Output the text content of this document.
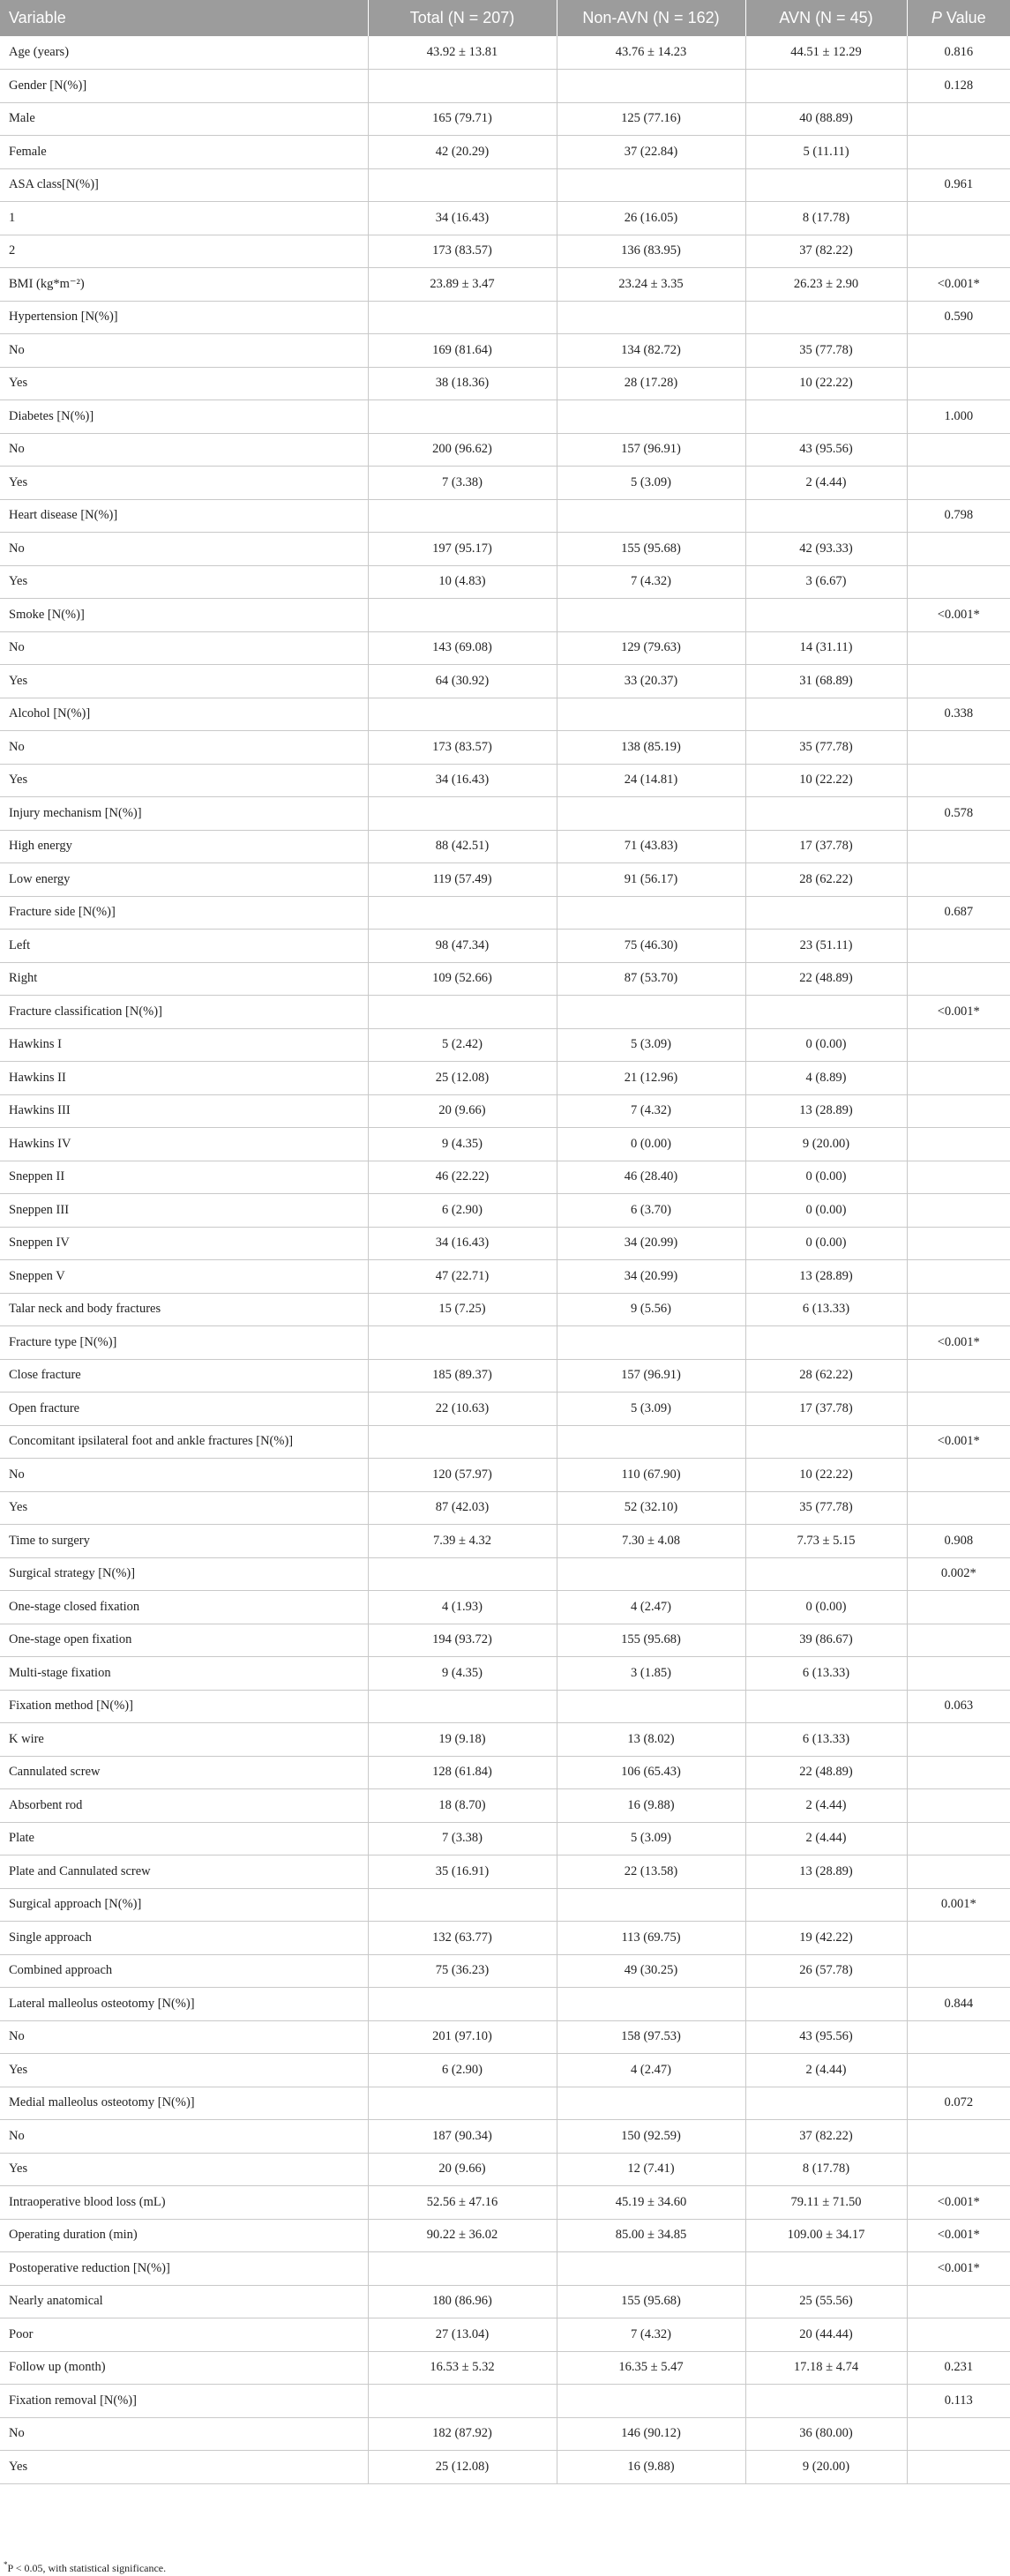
Variable	Total (N = 207)	Non-AVN (N = 162)	AVN (N = 45)	P Value
Age (years)	43.92 ± 13.81	43.76 ± 14.23	44.51 ± 12.29	0.816
Gender [N(%)]				0.128
Male	165 (79.71)	125 (77.16)	40 (88.89)	
Female	42 (20.29)	37 (22.84)	5 (11.11)	
ASA class[N(%)]				0.961
1	34 (16.43)	26 (16.05)	8 (17.78)	
2	173 (83.57)	136 (83.95)	37 (82.22)	
BMI (kg*m⁻²)	23.89 ± 3.47	23.24 ± 3.35	26.23 ± 2.90	<0.001*
Hypertension [N(%)]				0.590
No	169 (81.64)	134 (82.72)	35 (77.78)	
Yes	38 (18.36)	28 (17.28)	10 (22.22)	
Diabetes [N(%)]				1.000
No	200 (96.62)	157 (96.91)	43 (95.56)	
Yes	7 (3.38)	5 (3.09)	2 (4.44)	
Heart disease [N(%)]				0.798
No	197 (95.17)	155 (95.68)	42 (93.33)	
Yes	10 (4.83)	7 (4.32)	3 (6.67)	
Smoke [N(%)]				<0.001*
No	143 (69.08)	129 (79.63)	14 (31.11)	
Yes	64 (30.92)	33 (20.37)	31 (68.89)	
Alcohol [N(%)]				0.338
No	173 (83.57)	138 (85.19)	35 (77.78)	
Yes	34 (16.43)	24 (14.81)	10 (22.22)	
Injury mechanism [N(%)]				0.578
High energy	88 (42.51)	71 (43.83)	17 (37.78)	
Low energy	119 (57.49)	91 (56.17)	28 (62.22)	
Fracture side [N(%)]				0.687
Left	98 (47.34)	75 (46.30)	23 (51.11)	
Right	109 (52.66)	87 (53.70)	22 (48.89)	
Fracture classification [N(%)]				<0.001*
Hawkins I	5 (2.42)	5 (3.09)	0 (0.00)	
Hawkins II	25 (12.08)	21 (12.96)	4 (8.89)	
Hawkins III	20 (9.66)	7 (4.32)	13 (28.89)	
Hawkins IV	9 (4.35)	0 (0.00)	9 (20.00)	
Sneppen II	46 (22.22)	46 (28.40)	0 (0.00)	
Sneppen III	6 (2.90)	6 (3.70)	0 (0.00)	
Sneppen IV	34 (16.43)	34 (20.99)	0 (0.00)	
Sneppen V	47 (22.71)	34 (20.99)	13 (28.89)	
Talar neck and body fractures	15 (7.25)	9 (5.56)	6 (13.33)	
Fracture type [N(%)]				<0.001*
Close fracture	185 (89.37)	157 (96.91)	28 (62.22)	
Open fracture	22 (10.63)	5 (3.09)	17 (37.78)	
Concomitant ipsilateral foot and ankle fractures [N(%)]				<0.001*
No	120 (57.97)	110 (67.90)	10 (22.22)	
Yes	87 (42.03)	52 (32.10)	35 (77.78)	
Time to surgery	7.39 ± 4.32	7.30 ± 4.08	7.73 ± 5.15	0.908
Surgical strategy [N(%)]				0.002*
One-stage closed fixation	4 (1.93)	4 (2.47)	0 (0.00)	
One-stage open fixation	194 (93.72)	155 (95.68)	39 (86.67)	
Multi-stage fixation	9 (4.35)	3 (1.85)	6 (13.33)	
Fixation method [N(%)]				0.063
K wire	19 (9.18)	13 (8.02)	6 (13.33)	
Cannulated screw	128 (61.84)	106 (65.43)	22 (48.89)	
Absorbent rod	18 (8.70)	16 (9.88)	2 (4.44)	
Plate	7 (3.38)	5 (3.09)	2 (4.44)	
Plate and Cannulated screw	35 (16.91)	22 (13.58)	13 (28.89)	
Surgical approach [N(%)]				0.001*
Single approach	132 (63.77)	113 (69.75)	19 (42.22)	
Combined approach	75 (36.23)	49 (30.25)	26 (57.78)	
Lateral malleolus osteotomy [N(%)]				0.844
No	201 (97.10)	158 (97.53)	43 (95.56)	
Yes	6 (2.90)	4 (2.47)	2 (4.44)	
Medial malleolus osteotomy [N(%)]				0.072
No	187 (90.34)	150 (92.59)	37 (82.22)	
Yes	20 (9.66)	12 (7.41)	8 (17.78)	
Intraoperative blood loss (mL)	52.56 ± 47.16	45.19 ± 34.60	79.11 ± 71.50	<0.001*
Operating duration (min)	90.22 ± 36.02	85.00 ± 34.85	109.00 ± 34.17	<0.001*
Postoperative reduction [N(%)]				<0.001*
Nearly anatomical	180 (86.96)	155 (95.68)	25 (55.56)	
Poor	27 (13.04)	7 (4.32)	20 (44.44)	
Follow up (month)	16.53 ± 5.32	16.35 ± 5.47	17.18 ± 4.74	0.231
Fixation removal [N(%)]				0.113
No	182 (87.92)	146 (90.12)	36 (80.00)	
Yes	25 (12.08)	16 (9.88)	9 (20.00)	
*P < 0.05, with statistical significance.
